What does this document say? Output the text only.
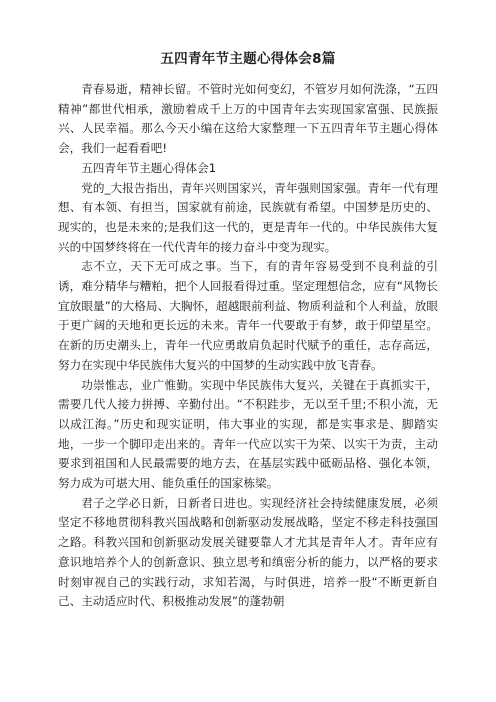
五四青年节主题心得体会8篇

青春易逝，精神长留。不管时光如何变幻，不管岁月如何洗涤，“五四精神”都世代相承，激励着成千上万的中国青年去实现国家富强、民族振兴、人民幸福。那么今天小编在这给大家整理一下五四青年节主题心得体会，我们一起看看吧!

五四青年节主题心得体会1

党的_大报告指出，青年兴则国家兴，青年强则国家强。青年一代有理想、有本领、有担当，国家就有前途，民族就有希望。中国梦是历史的、现实的，也是未来的;是我们这一代的，更是青年一代的。中华民族伟大复兴的中国梦终将在一代代青年的接力奋斗中变为现实。

志不立，天下无可成之事。当下，有的青年容易受到不良利益的引诱，难分精华与糟粕，把个人回报看得过重。坚定理想信念，应有“风物长宜放眼量”的大格局、大胸怀，超越眼前利益、物质利益和个人利益，放眼于更广阔的天地和更长远的未来。青年一代要敢于有梦，敢于仰望星空。在新的历史潮头上，青年一代应勇敢肩负起时代赋予的重任，志存高远，努力在实现中华民族伟大复兴的中国梦的生动实践中放飞青春。

功崇惟志，业广惟勤。实现中华民族伟大复兴，关键在于真抓实干，需要几代人接力拼搏、辛勤付出。“不积跬步，无以至千里;不积小流，无以成江海。”历史和现实证明，伟大事业的实现，都是实事求是、脚踏实地，一步一个脚印走出来的。青年一代应以实干为荣、以实干为责，主动要求到祖国和人民最需要的地方去，在基层实践中砥砺品格、强化本领，努力成为可堪大用、能负重任的国家栋梁。

君子之学必日新，日新者日进也。实现经济社会持续健康发展，必须坚定不移地贯彻科教兴国战略和创新驱动发展战略，坚定不移走科技强国之路。科教兴国和创新驱动发展关键要靠人才尤其是青年人才。青年应有意识地培养个人的创新意识、独立思考和缜密分析的能力，以严格的要求时刻审视自己的实践行动，求知若渴，与时俱进，培养一股“不断更新自己、主动适应时代、积极推动发展”的蓬勃朝
